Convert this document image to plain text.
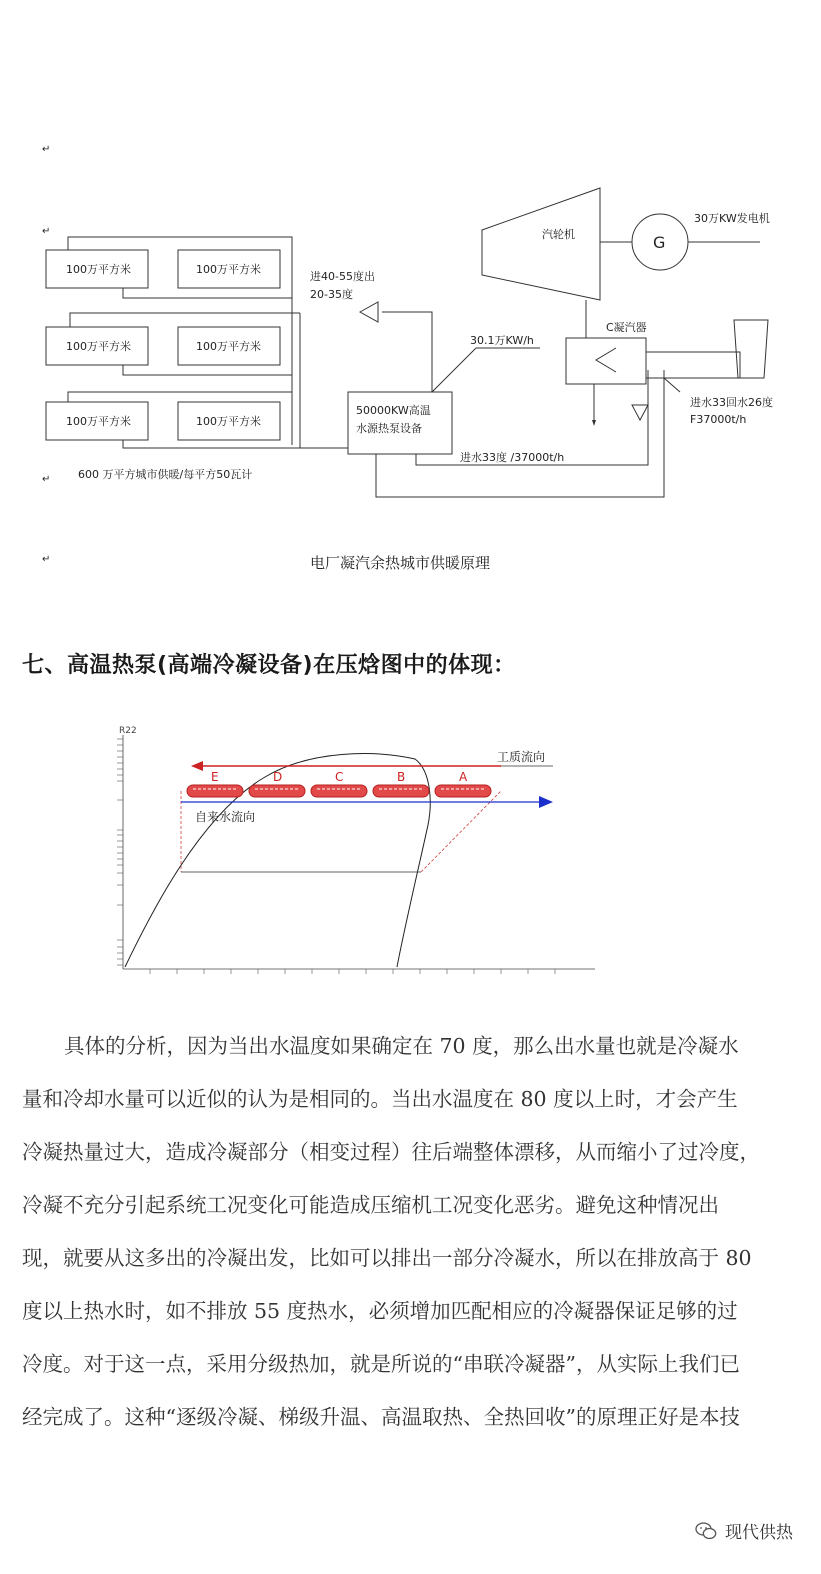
100万平方米	100万平方米
100万平方米	100万平方米
100万平方米	100万平方米
进40-55度出
20-35度
50000KW高温
水源热泵设备
30.1万KW/h
进水33度 /37000t/h
汽轮机	G
30万KW发电机
C凝汽器
进水33回水26度
F37000t/h
600 万平方城市供暖/每平方50瓦计
电厂凝汽余热城市供暖原理
↵
↵
↵
↵
七、高温热泵(高端冷凝设备)在压焓图中的体现：
R22
工质流向
自来水流向
E	D	C	B	A
具体的分析，因为当出水温度如果确定在 70 度，那么出水量也就是冷凝水
量和冷却水量可以近似的认为是相同的。当出水温度在 80 度以上时，才会产生
冷凝热量过大，造成冷凝部分（相变过程）往后端整体漂移，从而缩小了过冷度，
冷凝不充分引起系统工况变化可能造成压缩机工况变化恶劣。避免这种情况出
现，就要从这多出的冷凝出发，比如可以排出一部分冷凝水，所以在排放高于 80
度以上热水时，如不排放 55 度热水，必须增加匹配相应的冷凝器保证足够的过
冷度。对于这一点，采用分级热加，就是所说的“串联冷凝器”，从实际上我们已
经完成了。这种“逐级冷凝、梯级升温、高温取热、全热回收”的原理正好是本技
现代供热
